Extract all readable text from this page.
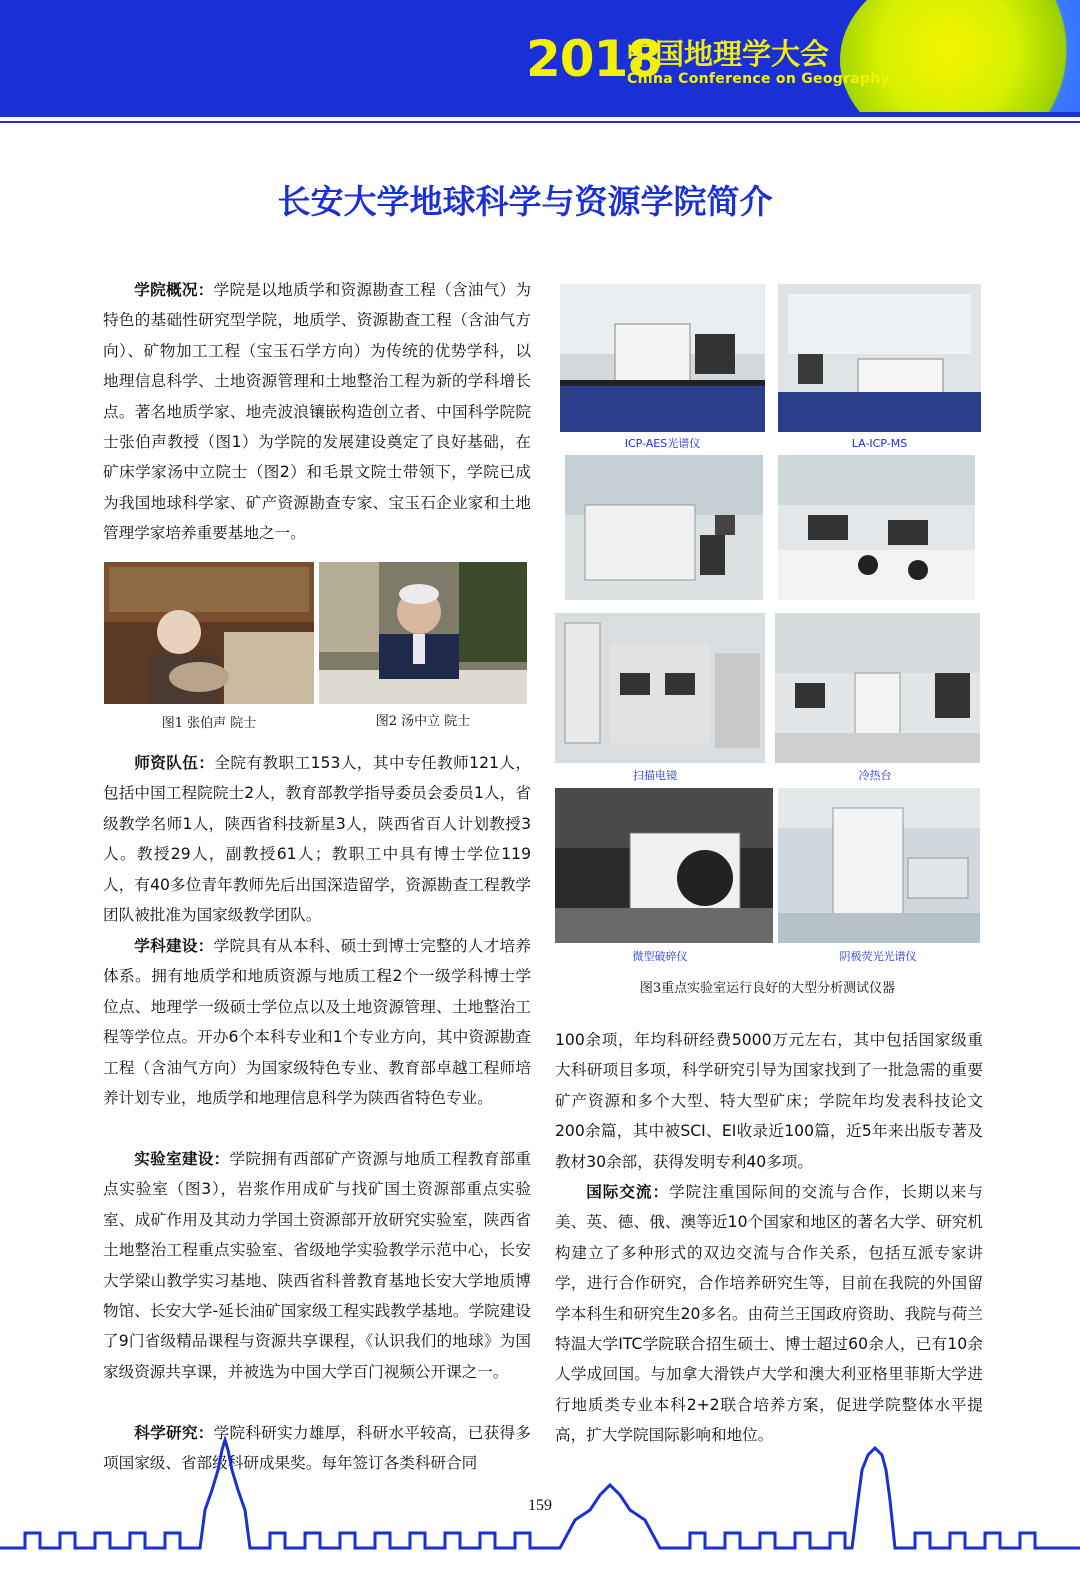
2018
中国地理学大会
China Conference on Geography
长安大学地球科学与资源学院简介
学院概况：学院是以地质学和资源勘查工程（含油气）为特色的基础性研究型学院，地质学、资源勘查工程（含油气方向）、矿物加工工程（宝玉石学方向）为传统的优势学科，以地理信息科学、土地资源管理和土地整治工程为新的学科增长点。著名地质学家、地壳波浪镶嵌构造创立者、中国科学院院士张伯声教授（图1）为学院的发展建设奠定了良好基础，在矿床学家汤中立院士（图2）和毛景文院士带领下，学院已成为我国地球科学家、矿产资源勘查专家、宝玉石企业家和土地管理学家培养重要基地之一。
图1 张伯声 院士	图2 汤中立 院士
师资队伍：全院有教职工153人，其中专任教师121人，包括中国工程院院士2人，教育部教学指导委员会委员1人，省级教学名师1人，陕西省科技新星3人，陕西省百人计划教授3人。教授29人，副教授61人；教职工中具有博士学位119人，有40多位青年教师先后出国深造留学，资源勘查工程教学团队被批准为国家级教学团队。
学科建设：学院具有从本科、硕士到博士完整的人才培养体系。拥有地质学和地质资源与地质工程2个一级学科博士学位点、地理学一级硕士学位点以及土地资源管理、土地整治工程等学位点。开办6个本科专业和1个专业方向，其中资源勘查工程（含油气方向）为国家级特色专业、教育部卓越工程师培养计划专业，地质学和地理信息科学为陕西省特色专业。
实验室建设：学院拥有西部矿产资源与地质工程教育部重点实验室（图3），岩浆作用成矿与找矿国土资源部重点实验室、成矿作用及其动力学国土资源部开放研究实验室，陕西省土地整治工程重点实验室、省级地学实验教学示范中心，长安大学梁山教学实习基地、陕西省科普教育基地长安大学地质博物馆、长安大学-延长油矿国家级工程实践教学基地。学院建设了9门省级精品课程与资源共享课程，《认识我们的地球》为国家级资源共享课，并被选为中国大学百门视频公开课之一。
科学研究：学院科研实力雄厚，科研水平较高，已获得多项国家级、省部级科研成果奖。每年签订各类科研合同
ICP-AES光谱仪	LA-ICP-MS
扫描电镜	冷热台
微型破碎仪	阴极荧光光谱仪
图3重点实验室运行良好的大型分析测试仪器
100余项，年均科研经费5000万元左右，其中包括国家级重大科研项目多项，科学研究引导为国家找到了一批急需的重要矿产资源和多个大型、特大型矿床；学院年均发表科技论文200余篇，其中被SCI、EI收录近100篇，近5年来出版专著及教材30余部，获得发明专利40多项。
国际交流：学院注重国际间的交流与合作，长期以来与美、英、德、俄、澳等近10个国家和地区的著名大学、研究机构建立了多种形式的双边交流与合作关系，包括互派专家讲学，进行合作研究，合作培养研究生等，目前在我院的外国留学本科生和研究生20多名。由荷兰王国政府资助、我院与荷兰特温大学ITC学院联合招生硕士、博士超过60余人，已有10余人学成回国。与加拿大滑铁卢大学和澳大利亚格里菲斯大学进行地质类专业本科2+2联合培养方案，促进学院整体水平提高，扩大学院国际影响和地位。
159
